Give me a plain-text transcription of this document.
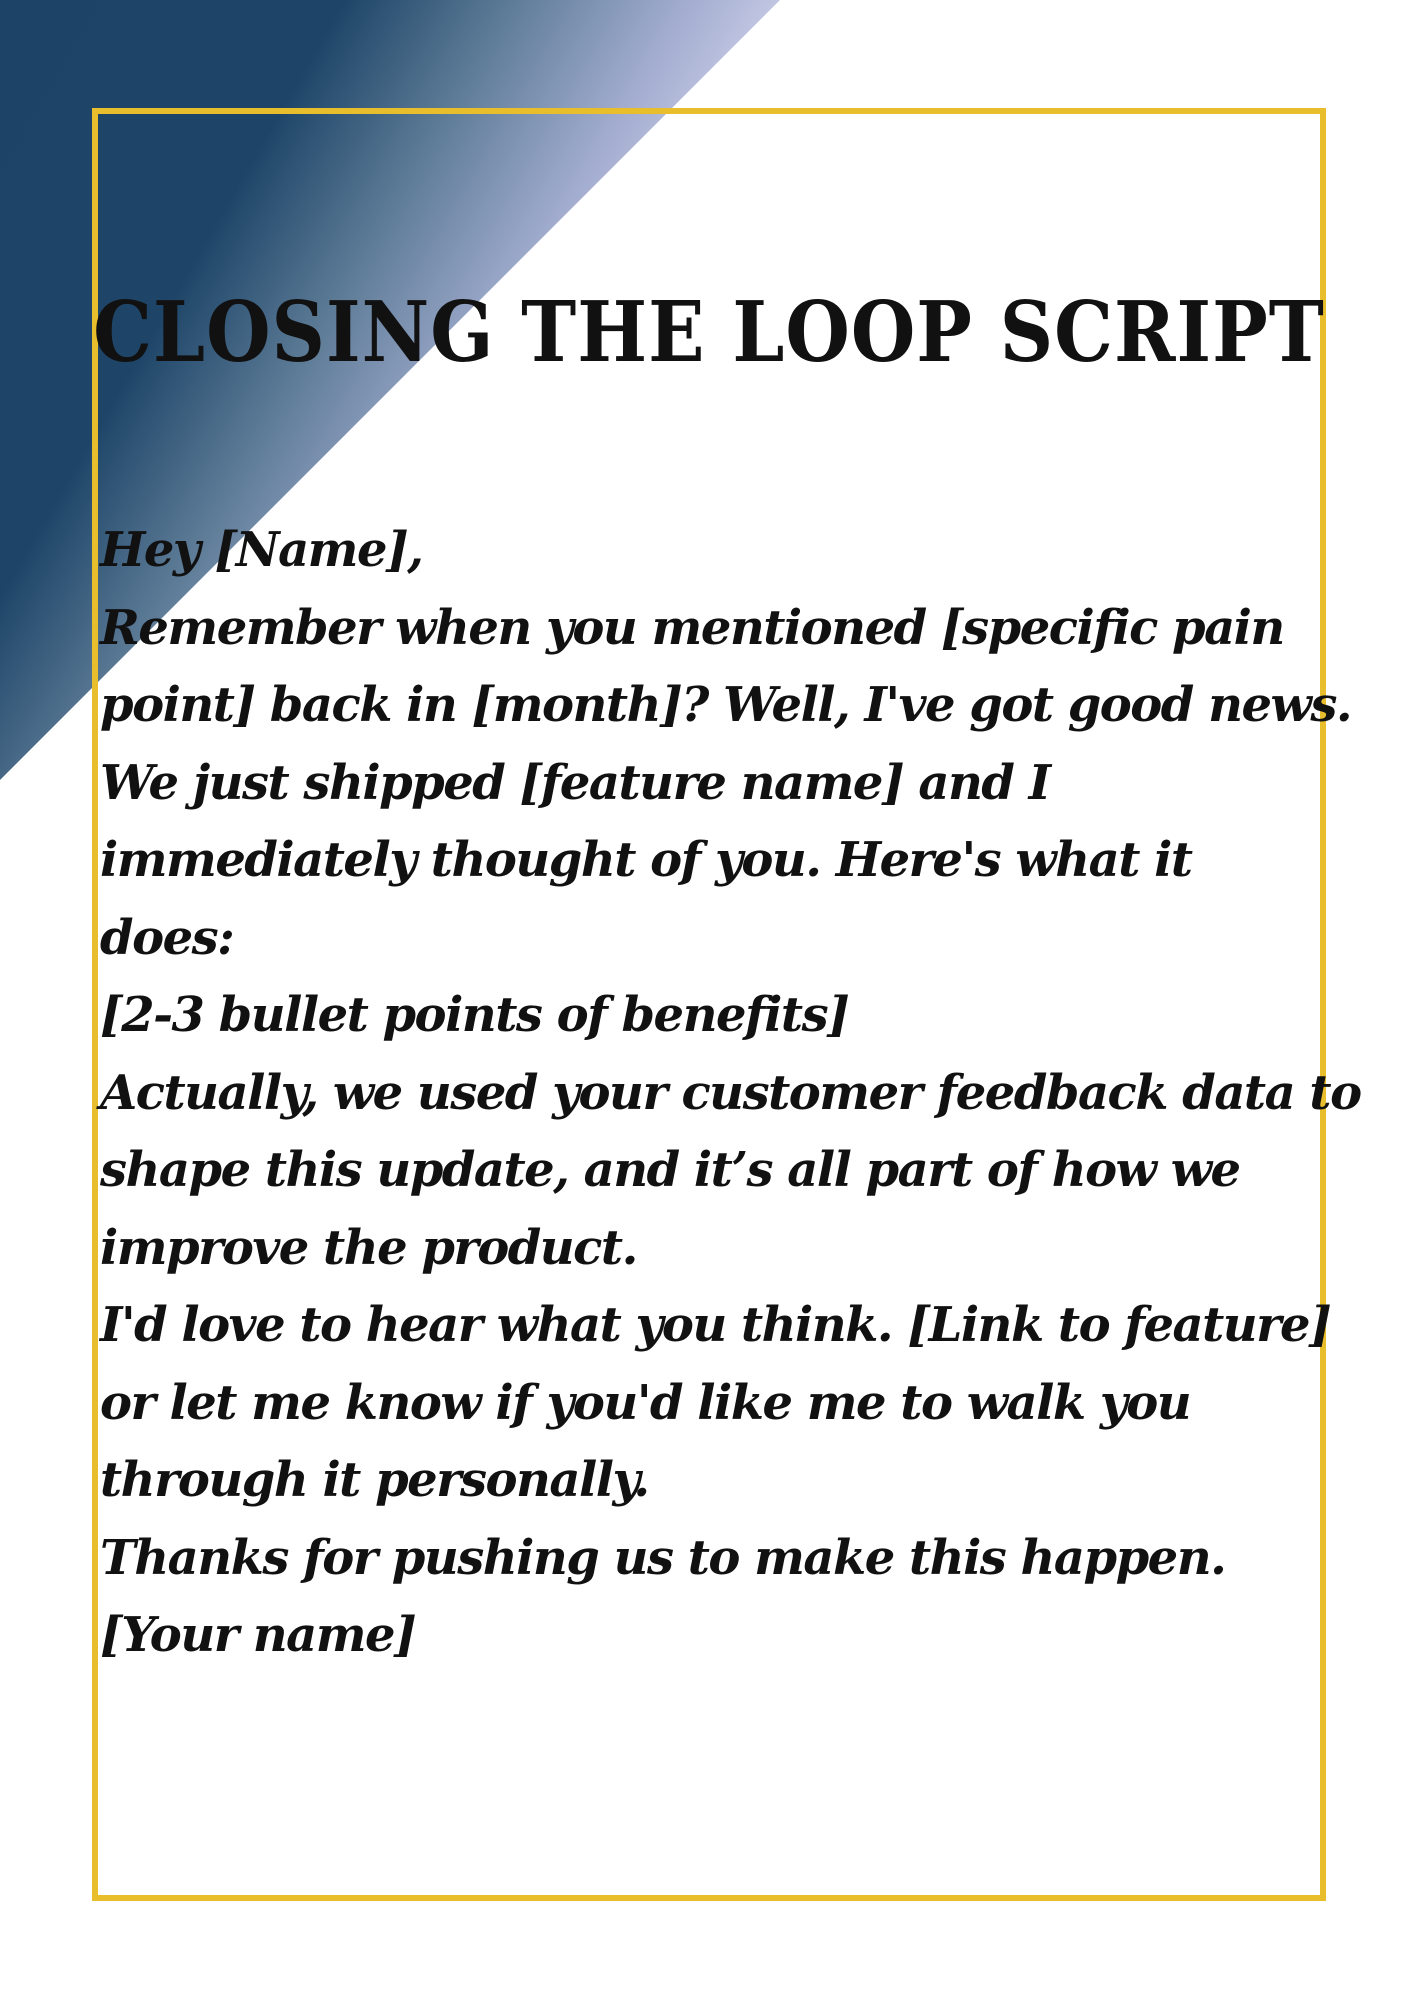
CLOSING THE LOOP SCRIPT
Hey [Name],
Remember when you mentioned [specific pain
point] back in [month]? Well, I've got good news.
We just shipped [feature name] and I
immediately thought of you. Here's what it
does:
[2-3 bullet points of benefits]
Actually, we used your customer feedback data to
shape this update, and it’s all part of how we
improve the product.
I'd love to hear what you think. [Link to feature]
or let me know if you'd like me to walk you
through it personally.
Thanks for pushing us to make this happen.
[Your name]
